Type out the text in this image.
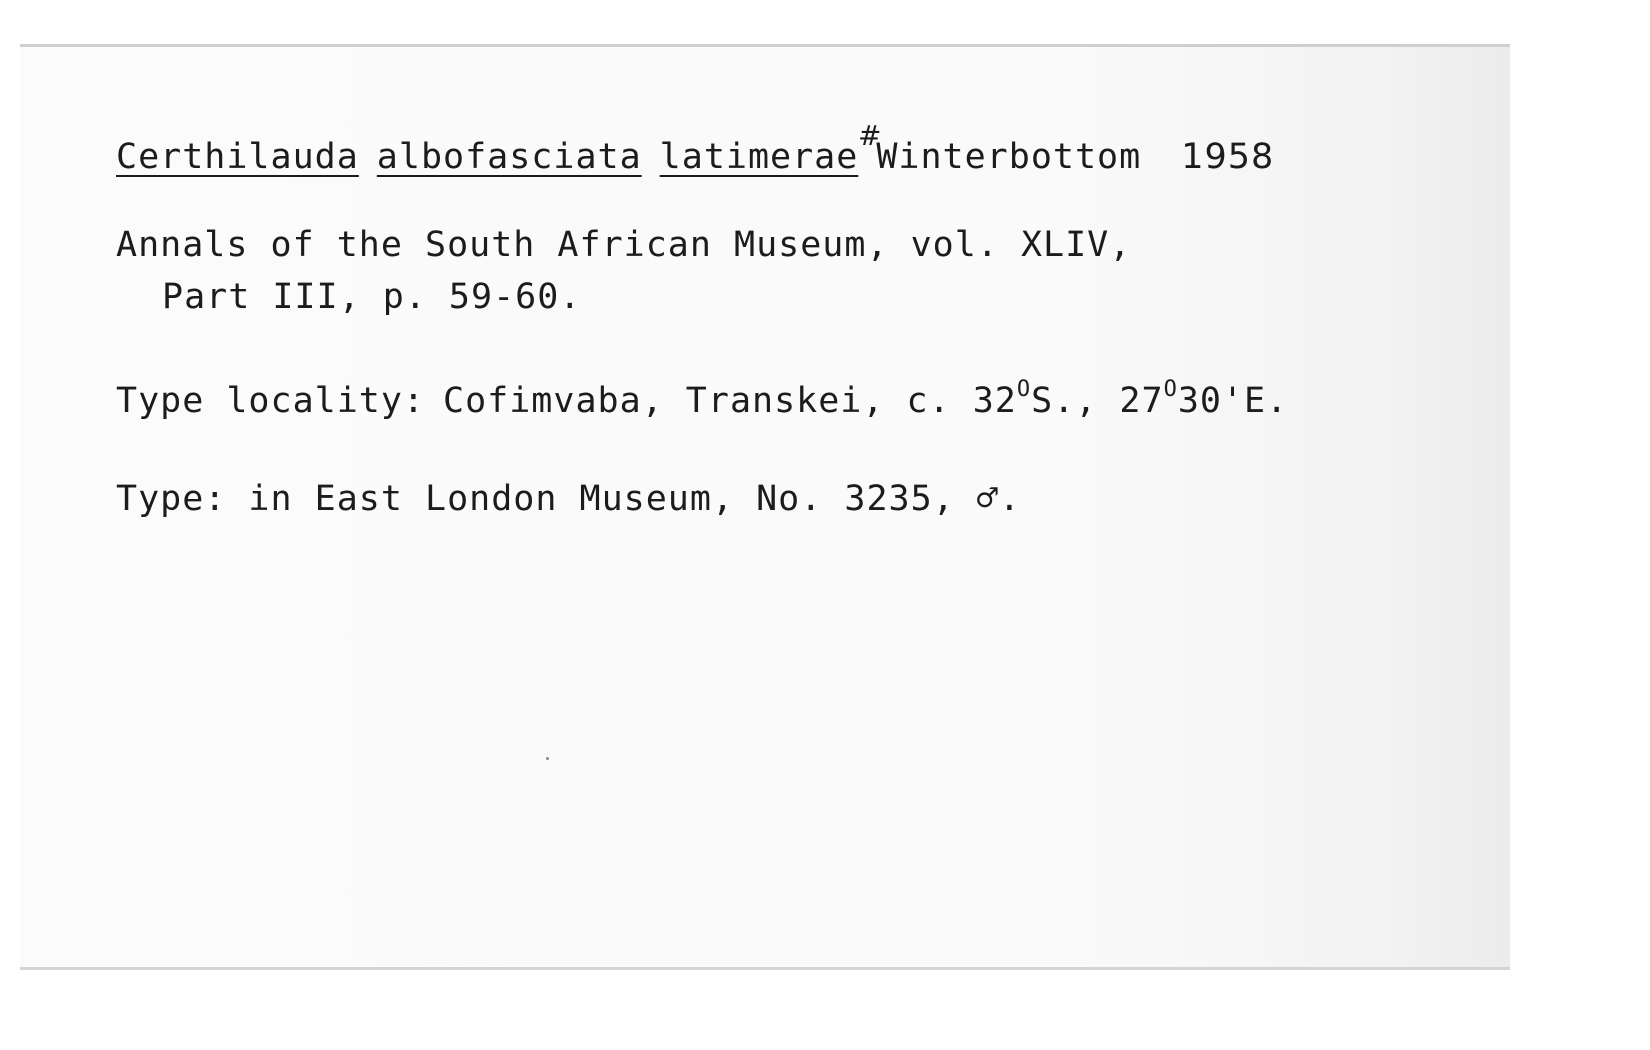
Certhilauda albofasciata latimerae Winterbottom 1958
#
Annals of the South African Museum, vol. XLIV,
Part III, p. 59-60.
Type locality: Cofimvaba, Transkei, c. $32^OS$., $27^O30'E$.
Type: in East London Museum, No. 3235, ♂.
